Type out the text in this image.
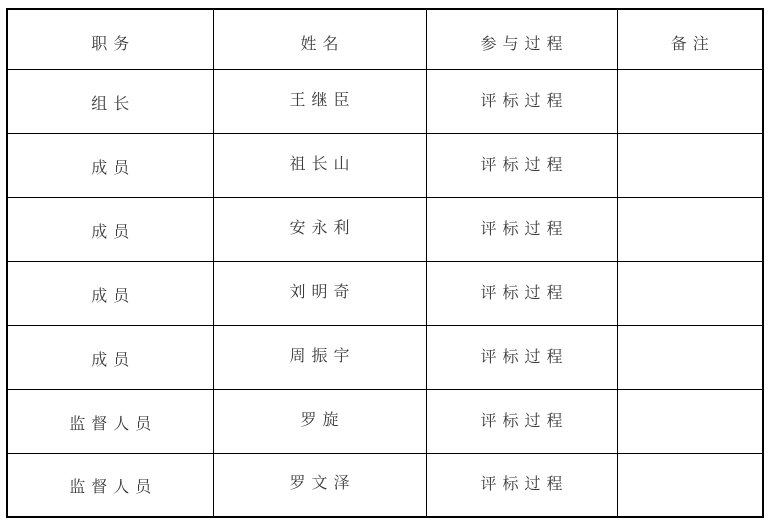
职务	姓名	参与过程	备注
组长	王继臣	评标过程	
成员	祖长山	评标过程	
成员	安永利	评标过程	
成员	刘明奇	评标过程	
成员	周振宇	评标过程	
监督人员	罗旋	评标过程	
监督人员	罗文泽	评标过程	
